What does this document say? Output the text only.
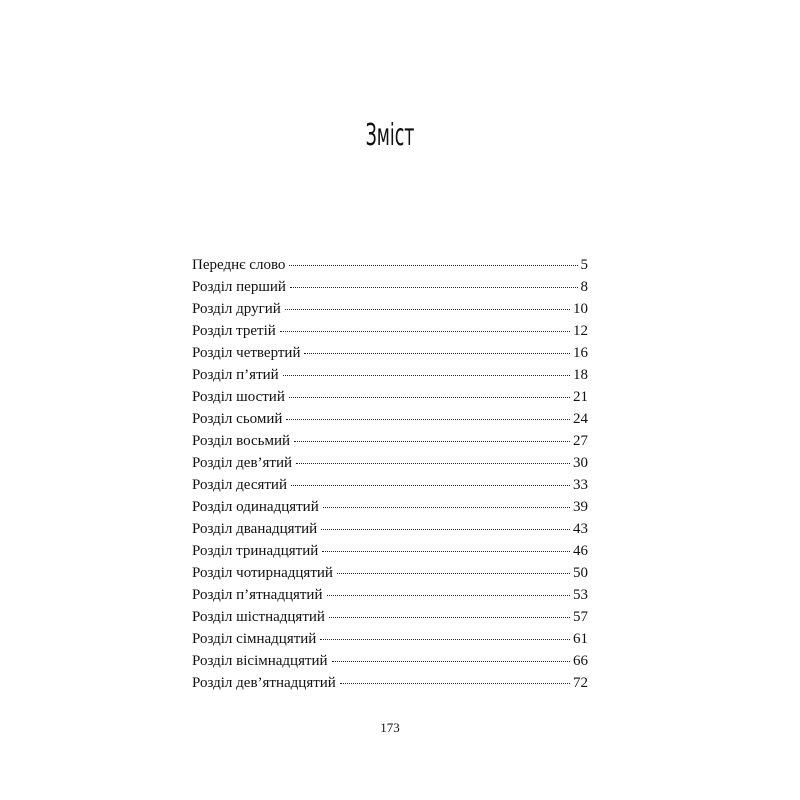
Зміст
Переднє слово	5
Розділ перший	8
Розділ другий	10
Розділ третій	12
Розділ четвертий	16
Розділ п’ятий	18
Розділ шостий	21
Розділ сьомий	24
Розділ восьмий	27
Розділ дев’ятий	30
Розділ десятий	33
Розділ одинадцятий	39
Розділ дванадцятий	43
Розділ тринадцятий	46
Розділ чотирнадцятий	50
Розділ п’ятнадцятий	53
Розділ шістнадцятий	57
Розділ сімнадцятий	61
Розділ вісімнадцятий	66
Розділ дев’ятнадцятий	72
173
